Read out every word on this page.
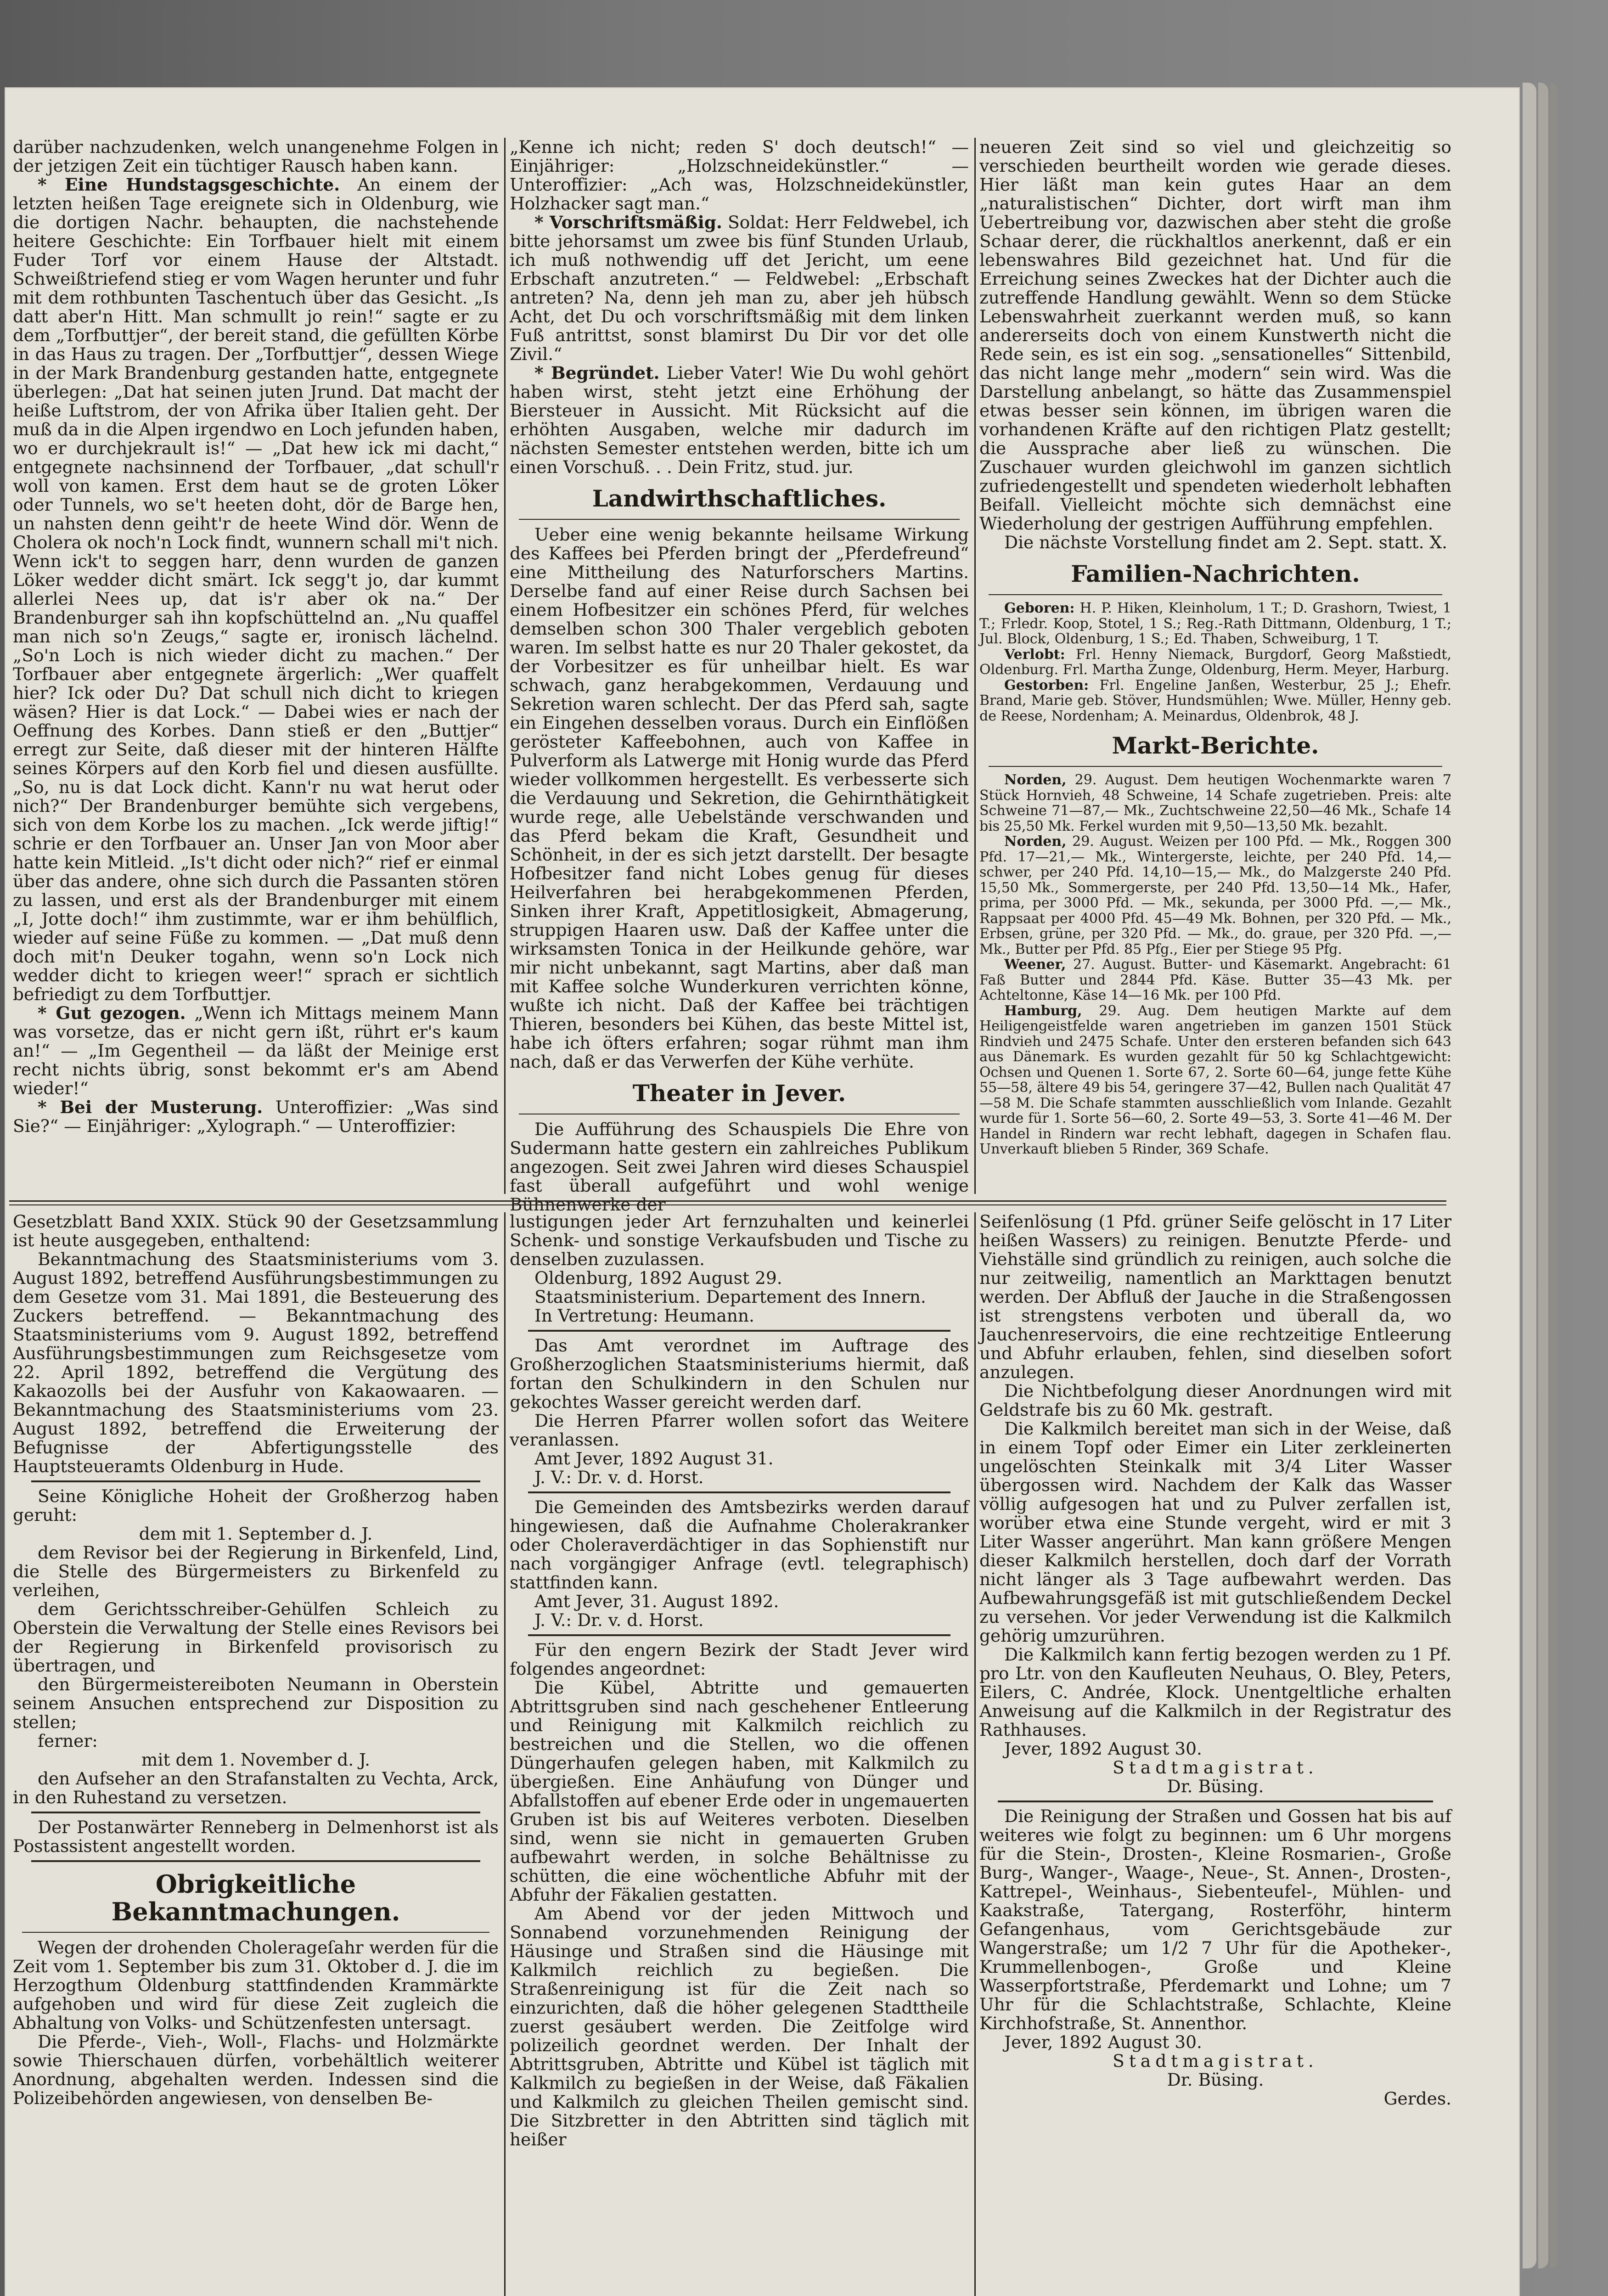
darüber nachzudenken, welch unangenehme Folgen in der jetzigen Zeit ein tüchtiger Rausch haben kann.

* Eine Hundstagsgeschichte. An einem der letzten heißen Tage ereignete sich in Oldenburg, wie die dortigen Nachr. behaupten, die nachstehende heitere Geschichte: Ein Torfbauer hielt mit einem Fuder Torf vor einem Hause der Altstadt. Schweißtriefend stieg er vom Wagen herunter und fuhr mit dem rothbunten Taschentuch über das Gesicht. „Is datt aber'n Hitt. Man schmullt jo rein!“ sagte er zu dem „Torfbuttjer“, der bereit stand, die gefüllten Körbe in das Haus zu tragen. Der „Torfbuttjer“, dessen Wiege in der Mark Brandenburg gestanden hatte, entgegnete überlegen: „Dat hat seinen juten Jrund. Dat macht der heiße Luftstrom, der von Afrika über Italien geht. Der muß da in die Alpen irgendwo en Loch jefunden haben, wo er durchjekrault is!“ — „Dat hew ick mi dacht,“ entgegnete nachsinnend der Torfbauer, „dat schull'r woll von kamen. Erst dem haut se de groten Löker oder Tunnels, wo se't heeten doht, dör de Barge hen, un nahsten denn geiht'r de heete Wind dör. Wenn de Cholera ok noch'n Lock findt, wunnern schall mi't nich. Wenn ick't to seggen harr, denn wurden de ganzen Löker wedder dicht smärt. Ick segg't jo, dar kummt allerlei Nees up, dat is'r aber ok na.“ Der Brandenburger sah ihn kopfschüttelnd an. „Nu quaffel man nich so'n Zeugs,“ sagte er, ironisch lächelnd. „So'n Loch is nich wieder dicht zu machen.“ Der Torfbauer aber entgegnete ärgerlich: „Wer quaffelt hier? Ick oder Du? Dat schull nich dicht to kriegen wäsen? Hier is dat Lock.“ — Dabei wies er nach der Oeffnung des Korbes. Dann stieß er den „Buttjer“ erregt zur Seite, daß dieser mit der hinteren Hälfte seines Körpers auf den Korb fiel und diesen ausfüllte. „So, nu is dat Lock dicht. Kann'r nu wat herut oder nich?“ Der Brandenburger bemühte sich vergebens, sich von dem Korbe los zu machen. „Ick werde jiftig!“ schrie er den Torfbauer an. Unser Jan von Moor aber hatte kein Mitleid. „Is't dicht oder nich?“ rief er einmal über das andere, ohne sich durch die Passanten stören zu lassen, und erst als der Brandenburger mit einem „I, Jotte doch!“ ihm zustimmte, war er ihm behülflich, wieder auf seine Füße zu kommen. — „Dat muß denn doch mit'n Deuker togahn, wenn so'n Lock nich wedder dicht to kriegen weer!“ sprach er sichtlich befriedigt zu dem Torfbuttjer.

* Gut gezogen. „Wenn ich Mittags meinem Mann was vorsetze, das er nicht gern ißt, rührt er's kaum an!“ — „Im Gegentheil — da läßt der Meinige erst recht nichts übrig, sonst bekommt er's am Abend wieder!“

* Bei der Musterung. Unteroffizier: „Was sind Sie?“ — Einjähriger: „Xylograph.“ — Unteroffizier:

„Kenne ich nicht; reden S' doch deutsch!“ — Einjähriger: „Holzschneidekünstler.“ — Unteroffizier: „Ach was, Holzschneidekünstler, Holzhacker sagt man.“

* Vorschriftsmäßig. Soldat: Herr Feldwebel, ich bitte jehorsamst um zwee bis fünf Stunden Urlaub, ich muß nothwendig uff det Jericht, um eene Erbschaft anzutreten.“ — Feldwebel: „Erbschaft antreten? Na, denn jeh man zu, aber jeh hübsch Acht, det Du och vorschriftsmäßig mit dem linken Fuß antrittst, sonst blamirst Du Dir vor det olle Zivil.“

* Begründet. Lieber Vater! Wie Du wohl gehört haben wirst, steht jetzt eine Erhöhung der Biersteuer in Aussicht. Mit Rücksicht auf die erhöhten Ausgaben, welche mir dadurch im nächsten Semester entstehen werden, bitte ich um einen Vorschuß. . . Dein Fritz, stud. jur.

Landwirthschaftliches.

Ueber eine wenig bekannte heilsame Wirkung des Kaffees bei Pferden bringt der „Pferdefreund“ eine Mittheilung des Naturforschers Martins. Derselbe fand auf einer Reise durch Sachsen bei einem Hofbesitzer ein schönes Pferd, für welches demselben schon 300 Thaler vergeblich geboten waren. Im selbst hatte es nur 20 Thaler gekostet, da der Vorbesitzer es für unheilbar hielt. Es war schwach, ganz herabgekommen, Verdauung und Sekretion waren schlecht. Der das Pferd sah, sagte ein Eingehen desselben voraus. Durch ein Einflößen gerösteter Kaffeebohnen, auch von Kaffee in Pulverform als Latwerge mit Honig wurde das Pferd wieder vollkommen hergestellt. Es verbesserte sich die Verdauung und Sekretion, die Gehirnthätigkeit wurde rege, alle Uebelstände verschwanden und das Pferd bekam die Kraft, Gesundheit und Schönheit, in der es sich jetzt darstellt. Der besagte Hofbesitzer fand nicht Lobes genug für dieses Heilverfahren bei herabgekommenen Pferden, Sinken ihrer Kraft, Appetitlosigkeit, Abmagerung, struppigen Haaren usw. Daß der Kaffee unter die wirksamsten Tonica in der Heilkunde gehöre, war mir nicht unbekannt, sagt Martins, aber daß man mit Kaffee solche Wunderkuren verrichten könne, wußte ich nicht. Daß der Kaffee bei trächtigen Thieren, besonders bei Kühen, das beste Mittel ist, habe ich öfters erfahren; sogar rühmt man ihm nach, daß er das Verwerfen der Kühe verhüte.

Theater in Jever.

Die Aufführung des Schauspiels Die Ehre von Sudermann hatte gestern ein zahlreiches Publikum angezogen. Seit zwei Jahren wird dieses Schauspiel fast überall aufgeführt und wohl wenige Bühnenwerke der

neueren Zeit sind so viel und gleichzeitig so verschieden beurtheilt worden wie gerade dieses. Hier läßt man kein gutes Haar an dem „naturalistischen“ Dichter, dort wirft man ihm Uebertreibung vor, dazwischen aber steht die große Schaar derer, die rückhaltlos anerkennt, daß er ein lebenswahres Bild gezeichnet hat. Und für die Erreichung seines Zweckes hat der Dichter auch die zutreffende Handlung gewählt. Wenn so dem Stücke Lebenswahrheit zuerkannt werden muß, so kann andererseits doch von einem Kunstwerth nicht die Rede sein, es ist ein sog. „sensationelles“ Sittenbild, das nicht lange mehr „modern“ sein wird. Was die Darstellung anbelangt, so hätte das Zusammenspiel etwas besser sein können, im übrigen waren die vorhandenen Kräfte auf den richtigen Platz gestellt; die Aussprache aber ließ zu wünschen. Die Zuschauer wurden gleichwohl im ganzen sichtlich zufriedengestellt und spendeten wiederholt lebhaften Beifall. Vielleicht möchte sich demnächst eine Wiederholung der gestrigen Aufführung empfehlen.

Die nächste Vorstellung findet am 2. Sept. statt. X.

Familien-Nachrichten.

Geboren: H. P. Hiken, Kleinholum, 1 T.; D. Grashorn, Twiest, 1 T.; Frledr. Koop, Stotel, 1 S.; Reg.-Rath Dittmann, Oldenburg, 1 T.; Jul. Block, Oldenburg, 1 S.; Ed. Thaben, Schweiburg, 1 T.

Verlobt: Frl. Henny Niemack, Burgdorf, Georg Maßstiedt, Oldenburg. Frl. Martha Zunge, Oldenburg, Herm. Meyer, Harburg.

Gestorben: Frl. Engeline Janßen, Westerbur, 25 J.; Ehefr. Brand, Marie geb. Stöver, Hundsmühlen; Wwe. Müller, Henny geb. de Reese, Nordenham; A. Meinardus, Oldenbrok, 48 J.

Markt-Berichte.

Norden, 29. August. Dem heutigen Wochenmarkte waren 7 Stück Hornvieh, 48 Schweine, 14 Schafe zugetrieben. Preis: alte Schweine 71—87,— Mk., Zuchtschweine 22,50—46 Mk., Schafe 14 bis 25,50 Mk. Ferkel wurden mit 9,50—13,50 Mk. bezahlt.

Norden, 29. August. Weizen per 100 Pfd. — Mk., Roggen 300 Pfd. 17—21,— Mk., Wintergerste, leichte, per 240 Pfd. 14,— schwer, per 240 Pfd. 14,10—15,— Mk., do Malzgerste 240 Pfd. 15,50 Mk., Sommergerste, per 240 Pfd. 13,50—14 Mk., Hafer, prima, per 3000 Pfd. — Mk., sekunda, per 3000 Pfd. —,— Mk., Rappsaat per 4000 Pfd. 45—49 Mk. Bohnen, per 320 Pfd. — Mk., Erbsen, grüne, per 320 Pfd. — Mk., do. graue, per 320 Pfd. —,— Mk., Butter per Pfd. 85 Pfg., Eier per Stiege 95 Pfg.

Weener, 27. August. Butter- und Käsemarkt. Angebracht: 61 Faß Butter und 2844 Pfd. Käse. Butter 35—43 Mk. per Achteltonne, Käse 14—16 Mk. per 100 Pfd.

Hamburg, 29. Aug. Dem heutigen Markte auf dem Heiligengeistfelde waren angetrieben im ganzen 1501 Stück Rindvieh und 2475 Schafe. Unter den ersteren befanden sich 643 aus Dänemark. Es wurden gezahlt für 50 kg Schlachtgewicht: Ochsen und Quenen 1. Sorte 67, 2. Sorte 60—64, junge fette Kühe 55—58, ältere 49 bis 54, geringere 37—42, Bullen nach Qualität 47—58 M. Die Schafe stammten ausschließlich vom Inlande. Gezahlt wurde für 1. Sorte 56—60, 2. Sorte 49—53, 3. Sorte 41—46 M. Der Handel in Rindern war recht lebhaft, dagegen in Schafen flau. Unverkauft blieben 5 Rinder, 369 Schafe.

Gesetzblatt Band XXIX. Stück 90 der Gesetzsammlung ist heute ausgegeben, enthaltend:

Bekanntmachung des Staatsministeriums vom 3. August 1892, betreffend Ausführungsbestimmungen zu dem Gesetze vom 31. Mai 1891, die Besteuerung des Zuckers betreffend. — Bekanntmachung des Staatsministeriums vom 9. August 1892, betreffend Ausführungsbestimmungen zum Reichsgesetze vom 22. April 1892, betreffend die Vergütung des Kakaozolls bei der Ausfuhr von Kakaowaaren. — Bekanntmachung des Staatsministeriums vom 23. August 1892, betreffend die Erweiterung der Befugnisse der Abfertigungsstelle des Hauptsteueramts Oldenburg in Hude.

Seine Königliche Hoheit der Großherzog haben geruht:

dem mit 1. September d. J.

dem Revisor bei der Regierung in Birkenfeld, Lind, die Stelle des Bürgermeisters zu Birkenfeld zu verleihen,

dem Gerichtsschreiber-Gehülfen Schleich zu Oberstein die Verwaltung der Stelle eines Revisors bei der Regierung in Birkenfeld provisorisch zu übertragen, und

den Bürgermeistereiboten Neumann in Oberstein seinem Ansuchen entsprechend zur Disposition zu stellen;

ferner:

mit dem 1. November d. J.

den Aufseher an den Strafanstalten zu Vechta, Arck, in den Ruhestand zu versetzen.

Der Postanwärter Renneberg in Delmenhorst ist als Postassistent angestellt worden.

Obrigkeitliche Bekanntmachungen.

Wegen der drohenden Cholerageſahr werden für die Zeit vom 1. September bis zum 31. Oktober d. J. die im Herzogthum Oldenburg stattfindenden Krammärkte aufgehoben und wird für diese Zeit zugleich die Abhaltung von Volks- und Schützenfesten untersagt.

Die Pferde-, Vieh-, Woll-, Flachs- und Holzmärkte sowie Thierschauen dürfen, vorbehältlich weiterer Anordnung, abgehalten werden. Indessen sind die Polizeibehörden angewiesen, von denselben Be-

lustigungen jeder Art fernzuhalten und keinerlei Schenk- und sonstige Verkaufsbuden und Tische zu denselben zuzulassen.

Oldenburg, 1892 August 29.

Staatsministerium. Departement des Innern.

In Vertretung: Heumann.

Das Amt verordnet im Auftrage des Großherzoglichen Staatsministeriums hiermit, daß fortan den Schulkindern in den Schulen nur gekochtes Wasser gereicht werden darf.

Die Herren Pfarrer wollen sofort das Weitere veranlassen.

Amt Jever, 1892 August 31.

J. V.: Dr. v. d. Horst.

Die Gemeinden des Amtsbezirks werden darauf hingewiesen, daß die Aufnahme Cholerakranker oder Choleraverdächtiger in das Sophienstift nur nach vorgängiger Anfrage (evtl. telegraphisch) stattfinden kann.

Amt Jever, 31. August 1892.

J. V.: Dr. v. d. Horst.

Für den engern Bezirk der Stadt Jever wird folgendes angeordnet:

Die Kübel, Abtritte und gemauerten Abtrittsgruben sind nach geschehener Entleerung und Reinigung mit Kalkmilch reichlich zu bestreichen und die Stellen, wo die offenen Düngerhaufen gelegen haben, mit Kalkmilch zu übergießen. Eine Anhäufung von Dünger und Abfallstoffen auf ebener Erde oder in ungemauerten Gruben ist bis auf Weiteres verboten. Dieselben sind, wenn sie nicht in gemauerten Gruben aufbewahrt werden, in solche Behältnisse zu schütten, die eine wöchentliche Abfuhr mit der Abfuhr der Fäkalien gestatten.

Am Abend vor der jeden Mittwoch und Sonnabend vorzunehmenden Reinigung der Häusinge und Straßen sind die Häusinge mit Kalkmilch reichlich zu begießen. Die Straßenreinigung ist für die Zeit nach so einzurichten, daß die höher gelegenen Stadttheile zuerst gesäubert werden. Die Zeitfolge wird polizeilich geordnet werden. Der Inhalt der Abtrittsgruben, Abtritte und Kübel ist täglich mit Kalkmilch zu begießen in der Weise, daß Fäkalien und Kalkmilch zu gleichen Theilen gemischt sind. Die Sitzbretter in den Abtritten sind täglich mit heißer

Seifenlösung (1 Pfd. grüner Seife gelöscht in 17 Liter heißen Wassers) zu reinigen. Benutzte Pferde- und Viehställe sind gründlich zu reinigen, auch solche die nur zeitweilig, namentlich an Markttagen benutzt werden. Der Abfluß der Jauche in die Straßengossen ist strengstens verboten und überall da, wo Jauchenreservoirs, die eine rechtzeitige Entleerung und Abfuhr erlauben, fehlen, sind dieselben sofort anzulegen.

Die Nichtbefolgung dieser Anordnungen wird mit Geldstrafe bis zu 60 Mk. gestraft.

Die Kalkmilch bereitet man sich in der Weise, daß in einem Topf oder Eimer ein Liter zerkleinerten ungelöschten Steinkalk mit 3/4 Liter Wasser übergossen wird. Nachdem der Kalk das Wasser völlig aufgesogen hat und zu Pulver zerfallen ist, worüber etwa eine Stunde vergeht, wird er mit 3 Liter Wasser angerührt. Man kann größere Mengen dieser Kalkmilch herstellen, doch darf der Vorrath nicht länger als 3 Tage aufbewahrt werden. Das Aufbewahrungsgefäß ist mit gutschließendem Deckel zu versehen. Vor jeder Verwendung ist die Kalkmilch gehörig umzurühren.

Die Kalkmilch kann fertig bezogen werden zu 1 Pf. pro Ltr. von den Kaufleuten Neuhaus, O. Bley, Peters, Eilers, C. Andrée, Klock. Unentgeltliche erhalten Anweisung auf die Kalkmilch in der Registratur des Rathhauses.

Jever, 1892 August 30.

Stadtmagistrat.

Dr. Büsing.

Die Reinigung der Straßen und Gossen hat bis auf weiteres wie folgt zu beginnen: um 6 Uhr morgens für die Stein-, Drosten-, Kleine Rosmarien-, Große Burg-, Wanger-, Waage-, Neue-, St. Annen-, Drosten-, Kattrepel-, Weinhaus-, Siebenteufel-, Mühlen- und Kaakstraße, Tatergang, Rosterföhr, hinterm Gefangenhaus, vom Gerichtsgebäude zur Wangerstraße; um 1/2 7 Uhr für die Apotheker-, Krummellenbogen-, Große und Kleine Wasserpfortstraße, Pferdemarkt und Lohne; um 7 Uhr für die Schlachtstraße, Schlachte, Kleine Kirchhofstraße, St. Annenthor.

Jever, 1892 August 30.

Stadtmagistrat.

Dr. Büsing.

Gerdes.
